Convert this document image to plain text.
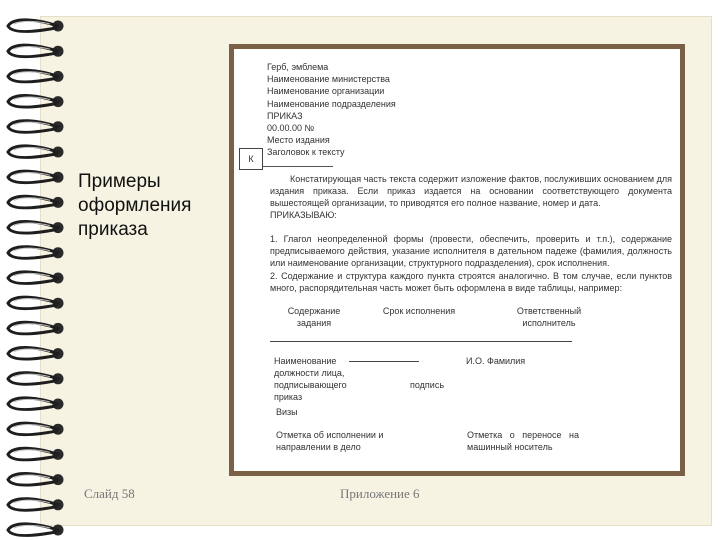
Примеры оформления приказа
Герб, эмблема
Наименование министерства
Наименование организации
Наименование подразделения
ПРИКАЗ
00.00.00 №
Место издания
Заголовок к тексту
К
Констатирующая часть текста содержит изложение фактов, послуживших основанием для издания приказа. Если приказ издается на основании соответствующего документа вышестоящей организации, то приводятся его полное название, номер и дата.
ПРИКАЗЫВАЮ:
1. Глагол неопределенной формы (провести, обеспечить, проверить и т.п.), содержание предписываемого действия, указание исполнителя в дательном падеже (фамилия, должность или наименование организации, структурного подразделения), срок исполнения.
2. Содержание и структура каждого пункта строятся аналогично. В том случае, если пунктов много, распорядительная часть может быть оформлена в виде таблицы, например:
Содержание задания
Срок исполнения	Ответственный исполнитель
Наименование должности лица, подписывающего приказ
подпись
И.О. Фамилия
Визы
Отметка об исполнении и направлении в дело
Отметка о переносе на машинный носитель
Слайд 58	Приложение 6
